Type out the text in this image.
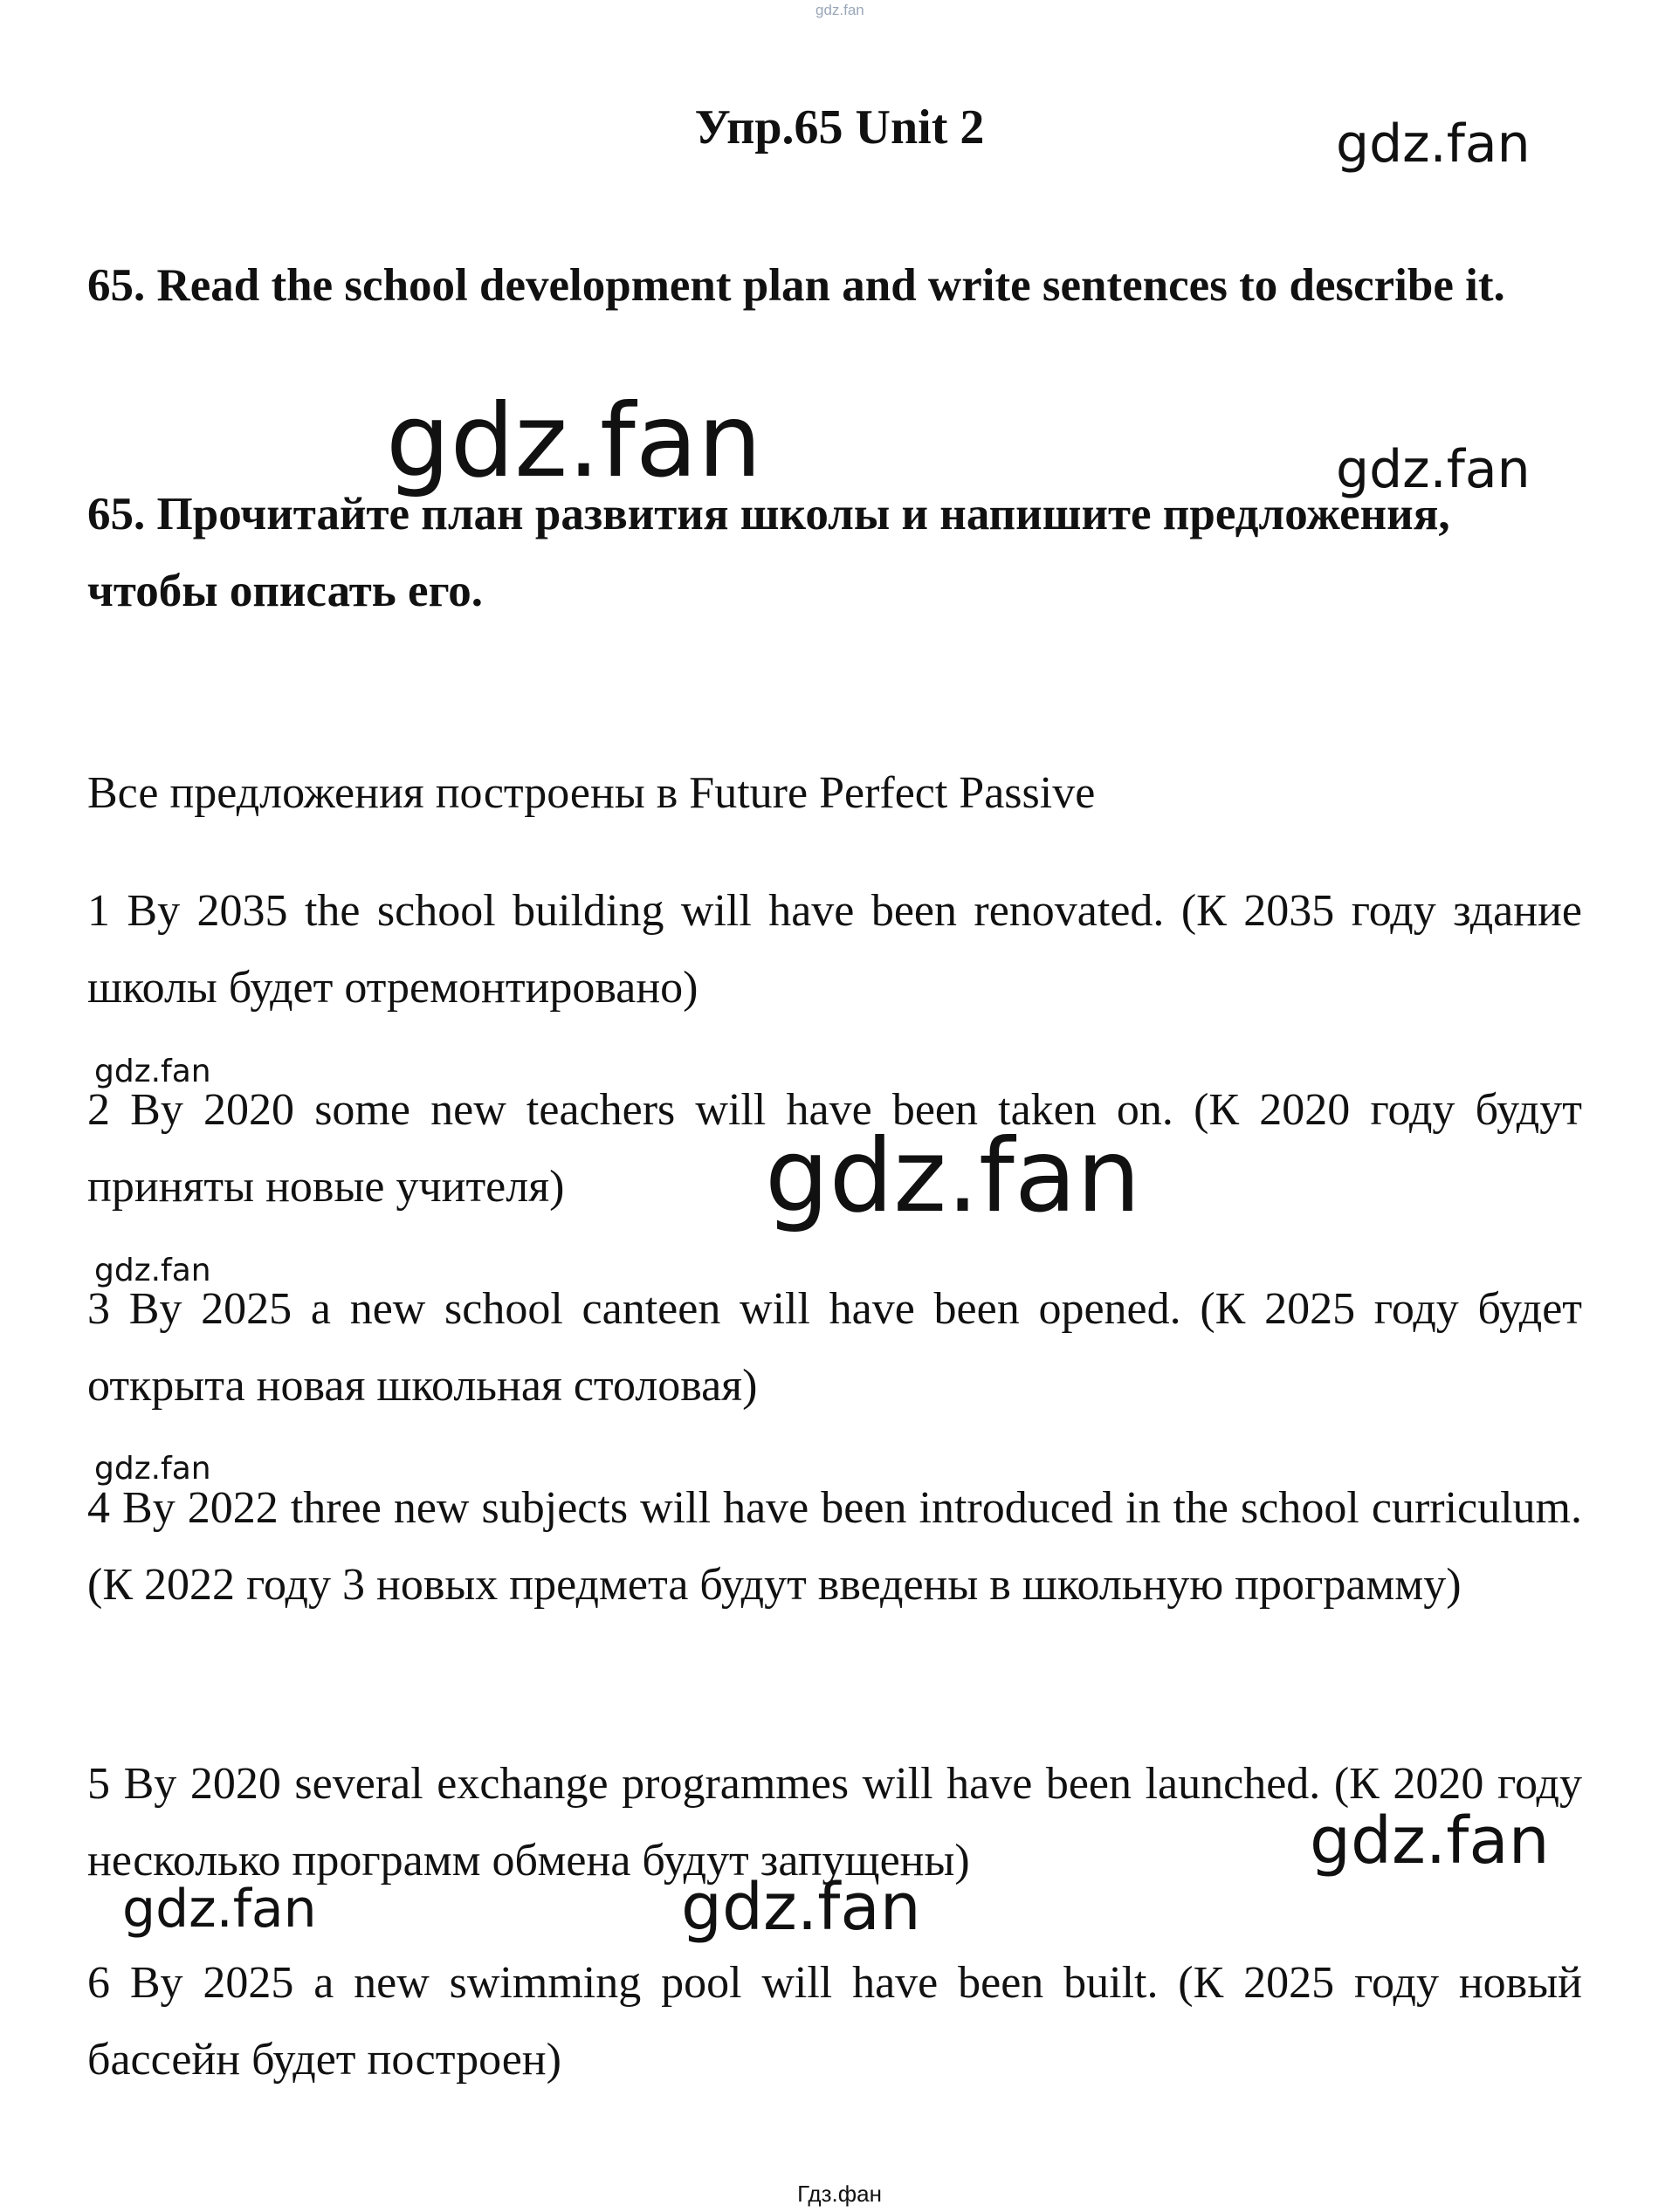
gdz.fan
Упр.65 Unit 2
65. Read the school development plan and write sentences to describe it.
65. Прочитайте план развития школы и напишите предложения, чтобы описать его.
Все предложения построены в Future Perfect Passive
1 By 2035 the school building will have been renovated. (К 2035 году здание школы будет отремонтировано)
2 By 2020 some new teachers will have been taken on. (К 2020 году будут приняты новые учителя)
3 By 2025 a new school canteen will have been opened. (К 2025 году будет открыта новая школьная столовая)
4 By 2022 three new subjects will have been introduced in the school curriculum. (К 2022 году 3 новых предмета будут введены в школьную программу)
5 By 2020 several exchange programmes will have been launched. (К 2020 году несколько программ обмена будут запущены)
6 By 2025 a new swimming pool will have been built. (К 2025 году новый бассейн будет построен)
gdz.fan
gdz.fan	gdz.fan
gdz.fan
gdz.fan
gdz.fan
gdz.fan
gdz.fan
gdz.fan	gdz.fan
Гдз.фан
